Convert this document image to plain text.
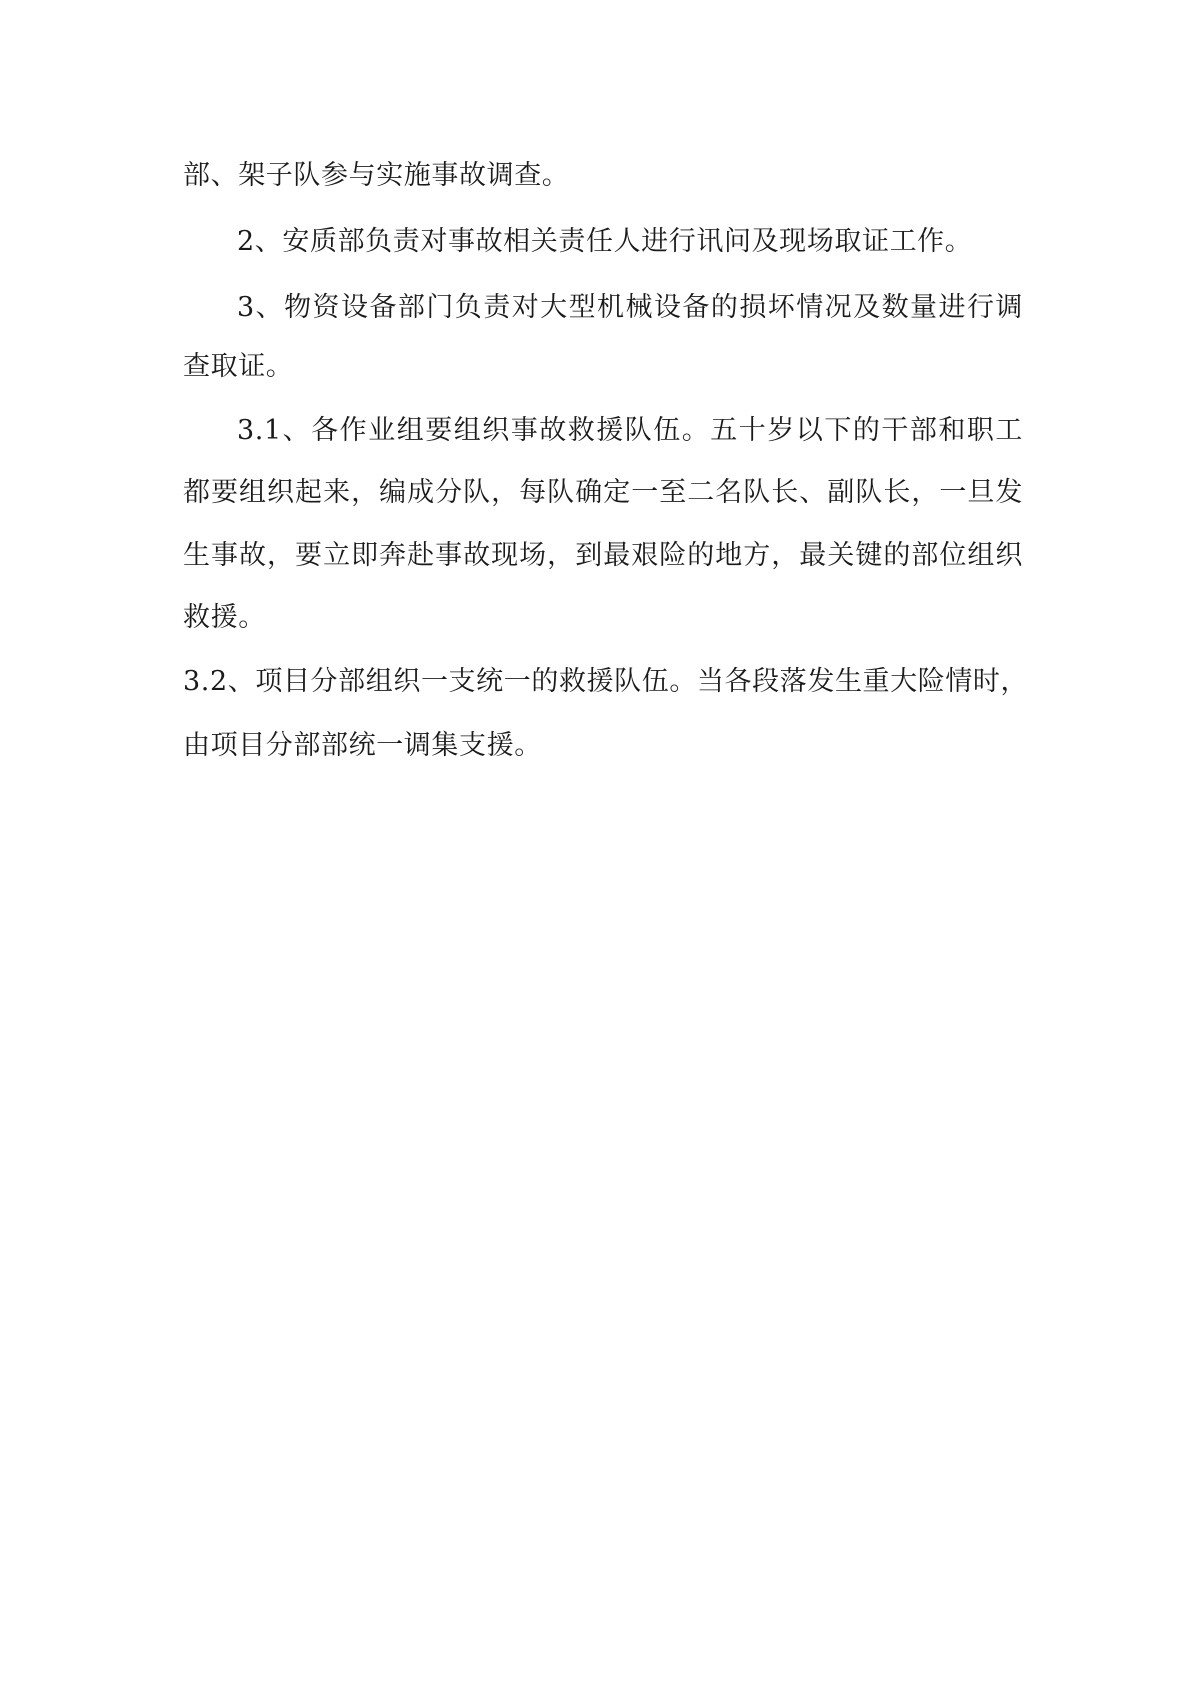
部、架子队参与实施事故调查。
2、安质部负责对事故相关责任人进行讯问及现场取证工作。
3、物资设备部门负责对大型机械设备的损坏情况及数量进行调
查取证。
3.1、各作业组要组织事故救援队伍。五十岁以下的干部和职工
都要组织起来，编成分队，每队确定一至二名队长、副队长，一旦发
生事故，要立即奔赴事故现场，到最艰险的地方，最关键的部位组织
救援。
3.2、项目分部组织一支统一的救援队伍。当各段落发生重大险情时，
由项目分部部统一调集支援。
